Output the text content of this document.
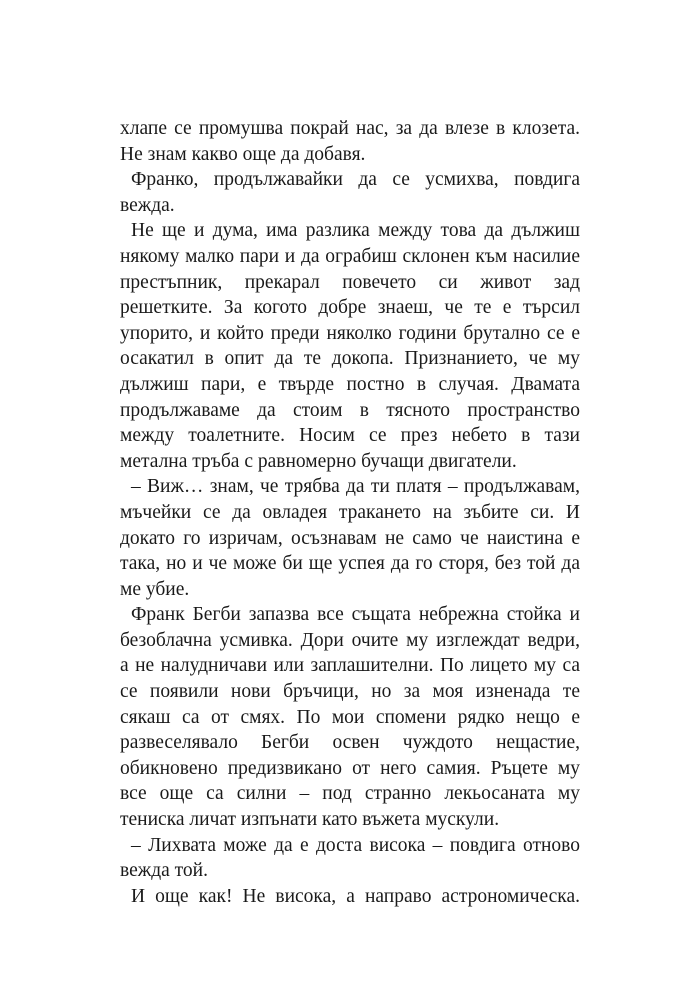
хлапе се промушва покрай нас, за да влезе в клозета.
Не знам какво още да добавя.
Франко, продължавайки да се усмихва, повдига
вежда.
Не ще и дума, има разлика между това да дължиш
някому малко пари и да ограбиш склонен към насилие
престъпник, прекарал повечето си живот зад
решетките. За когото добре знаеш, че те е търсил
упорито, и който преди няколко години брутално се е
осакатил в опит да те докопа. Признанието, че му
дължиш пари, е твърде постно в случая. Двамата
продължаваме да стоим в тясното пространство
между тоалетните. Носим се през небето в тази
метална тръба с равномерно бучащи двигатели.
– Виж… знам, че трябва да ти платя – продължавам,
мъчейки се да овладея тракането на зъбите си. И
докато го изричам, осъзнавам не само че наистина е
така, но и че може би ще успея да го сторя, без той да
ме убие.
Франк Бегби запазва все същата небрежна стойка и
безоблачна усмивка. Дори очите му изглеждат ведри,
а не налудничави или заплашителни. По лицето му са
се появили нови бръчици, но за моя изненада те
сякаш са от смях. По мои спомени рядко нещо е
развеселявало Бегби освен чуждото нещастие,
обикновено предизвикано от него самия. Ръцете му
все още са силни – под странно лекьосаната му
тениска личат изпънати като въжета мускули.
– Лихвата може да е доста висока – повдига отново
вежда той.
И още как! Не висока, а направо астрономическа.
